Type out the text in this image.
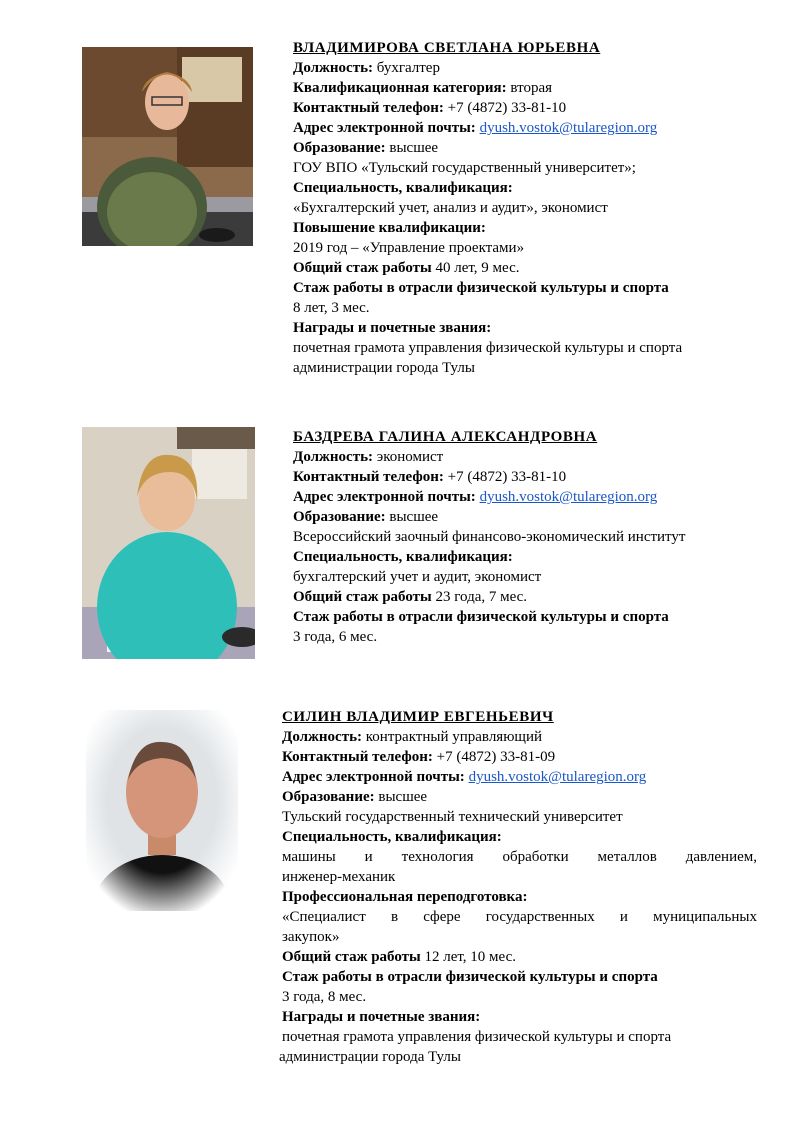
ВЛАДИМИРОВА СВЕТЛАНА ЮРЬЕВНА
Должность: бухгалтер
Квалификационная категория: вторая
Контактный телефон: +7 (4872) 33-81-10
Адрес электронной почты: dyush.vostok@tularegion.org
Образование: высшее
ГОУ ВПО «Тульский государственный университет»;
Специальность, квалификация:
«Бухгалтерский учет, анализ и аудит», экономист
Повышение квалификации:
2019 год – «Управление проектами»
Общий стаж работы 40 лет, 9 мес.
Стаж работы в отрасли физической культуры и спорта
8 лет, 3 мес.
Награды и почетные звания:
почетная грамота управления физической культуры и спорта
администрации города Тулы
БАЗДРЕВА ГАЛИНА АЛЕКСАНДРОВНА
Должность: экономист
Контактный телефон: +7 (4872) 33-81-10
Адрес электронной почты: dyush.vostok@tularegion.org
Образование: высшее
Всероссийский заочный финансово-экономический институт
Специальность, квалификация:
бухгалтерский учет и аудит, экономист
Общий стаж работы 23 года, 7 мес.
Стаж работы в отрасли физической культуры и спорта
3 года, 6 мес.
СИЛИН ВЛАДИМИР ЕВГЕНЬЕВИЧ
Должность: контрактный управляющий
Контактный телефон: +7 (4872) 33-81-09
Адрес электронной почты: dyush.vostok@tularegion.org
Образование: высшее
Тульский государственный технический университет
Специальность, квалификация:
машины и технология обработки металлов давлением, инженер-механик
Профессиональная переподготовка:
«Специалист в сфере государственных и муниципальных закупок»
Общий стаж работы 12 лет, 10 мес.
Стаж работы в отрасли физической культуры и спорта
3 года, 8 мес.
Награды и почетные звания:
почетная грамота управления физической культуры и спорта
администрации города Тулы
